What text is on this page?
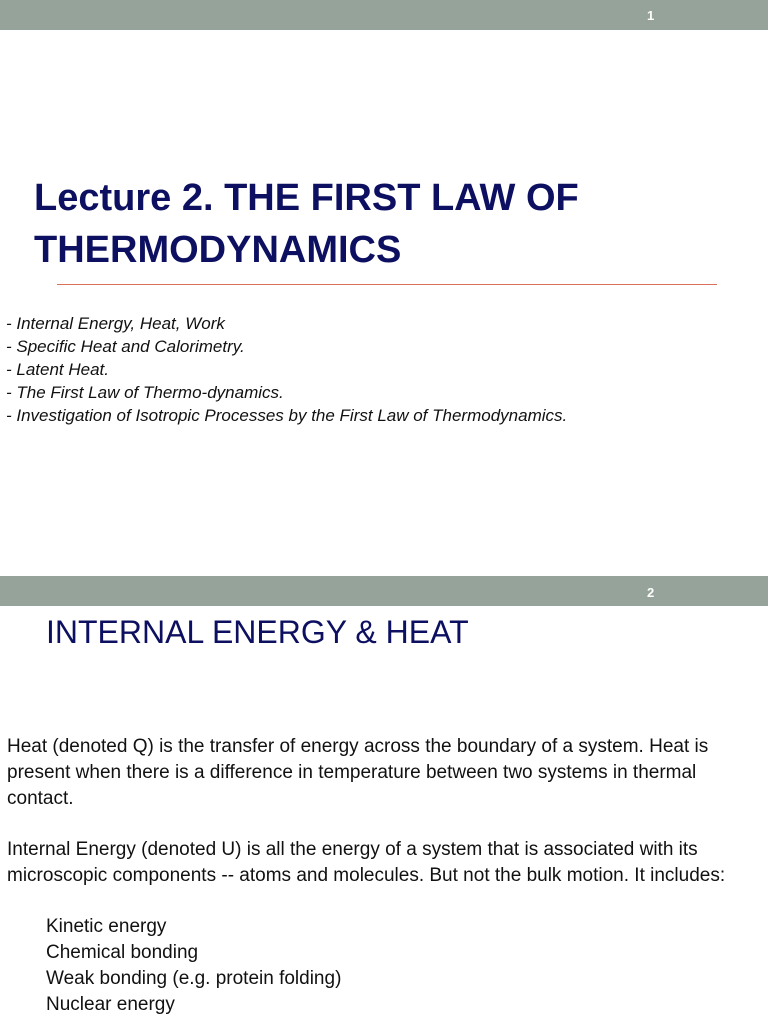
1
Lecture 2. THE FIRST LAW OF
THERMODYNAMICS
- Internal Energy, Heat, Work
- Specific Heat and Calorimetry.
- Latent Heat.
- The First Law of Thermo-dynamics.
- Investigation of Isotropic Processes by the First Law of Thermodynamics.
2
INTERNAL ENERGY & HEAT

Heat (denoted Q) is the transfer of energy across the boundary of a system. Heat is present when there is a difference in temperature between two systems in thermal contact.

Internal Energy (denoted U) is all the energy of a system that is associated with its microscopic components -- atoms and molecules. But not the bulk motion. It includes:

Kinetic energy
Chemical bonding
Weak bonding (e.g. protein folding)
Nuclear energy
